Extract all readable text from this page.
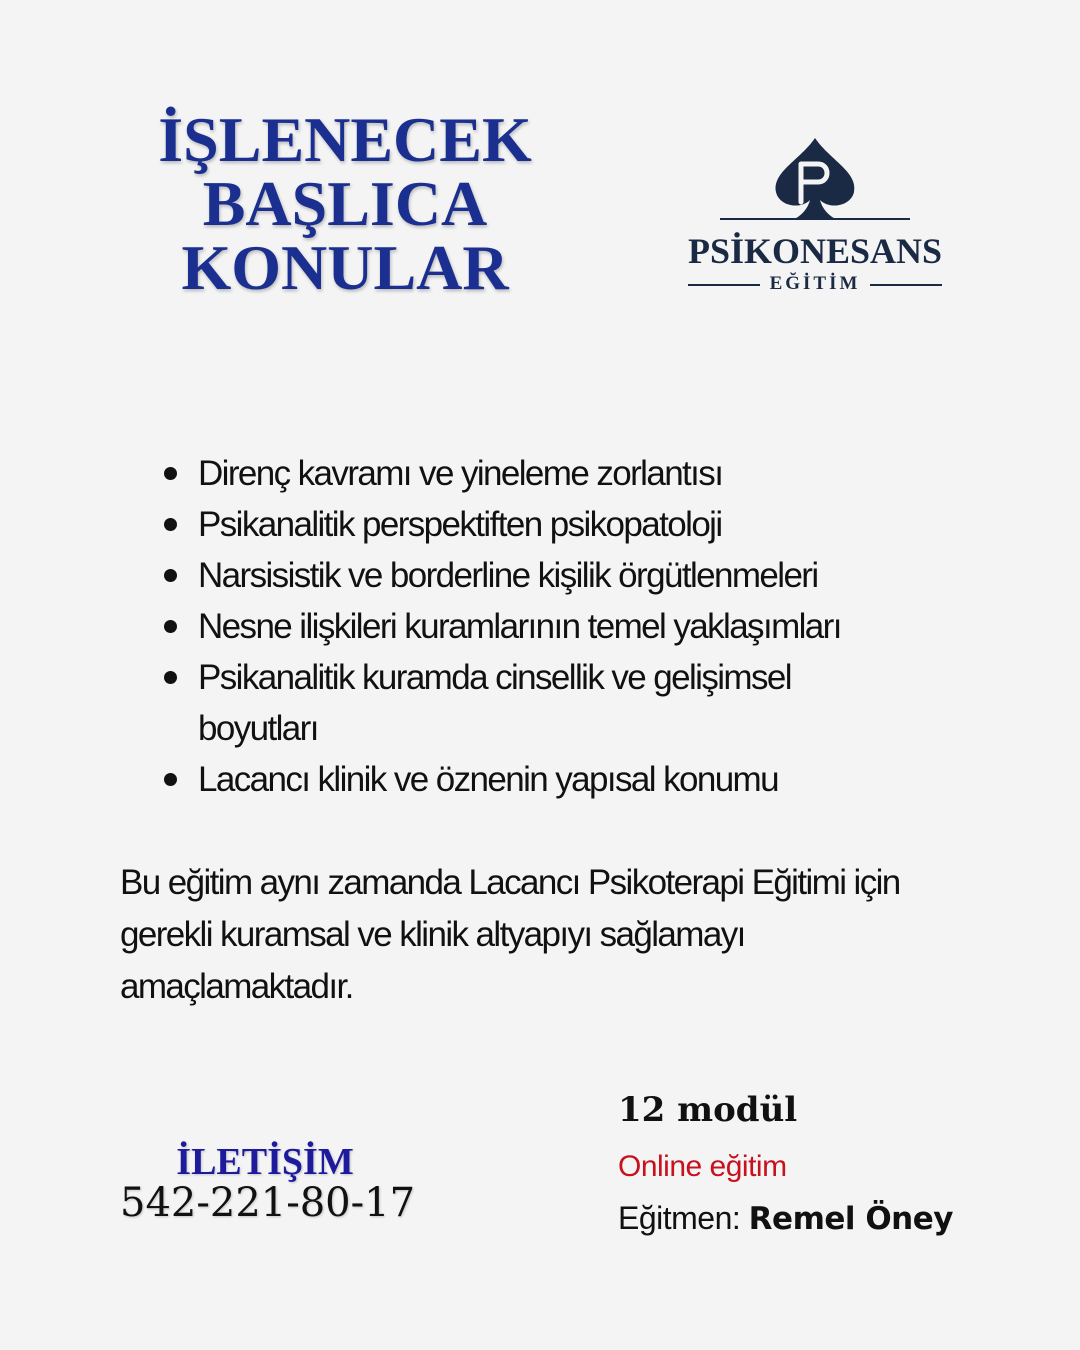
İŞLENECEK
BAŞLICA
KONULAR	PSİKONESANS
EĞİTİM
Direnç kavramı ve yineleme zorlantısı
Psikanalitik perspektiften psikopatoloji
Narsisistik ve borderline kişilik örgütlenmeleri
Nesne ilişkileri kuramlarının temel yaklaşımları
Psikanalitik kuramda cinsellik ve gelişimsel boyutları
Lacancı klinik ve öznenin yapısal konumu
Bu eğitim aynı zamanda Lacancı Psikoterapi Eğitimi için gerekli kuramsal ve klinik altyapıyı sağlamayı amaçlamaktadır.
İLETİŞİM
542-221-80-17
12 modül
Online eğitim
Eğitmen: Remel Öney
